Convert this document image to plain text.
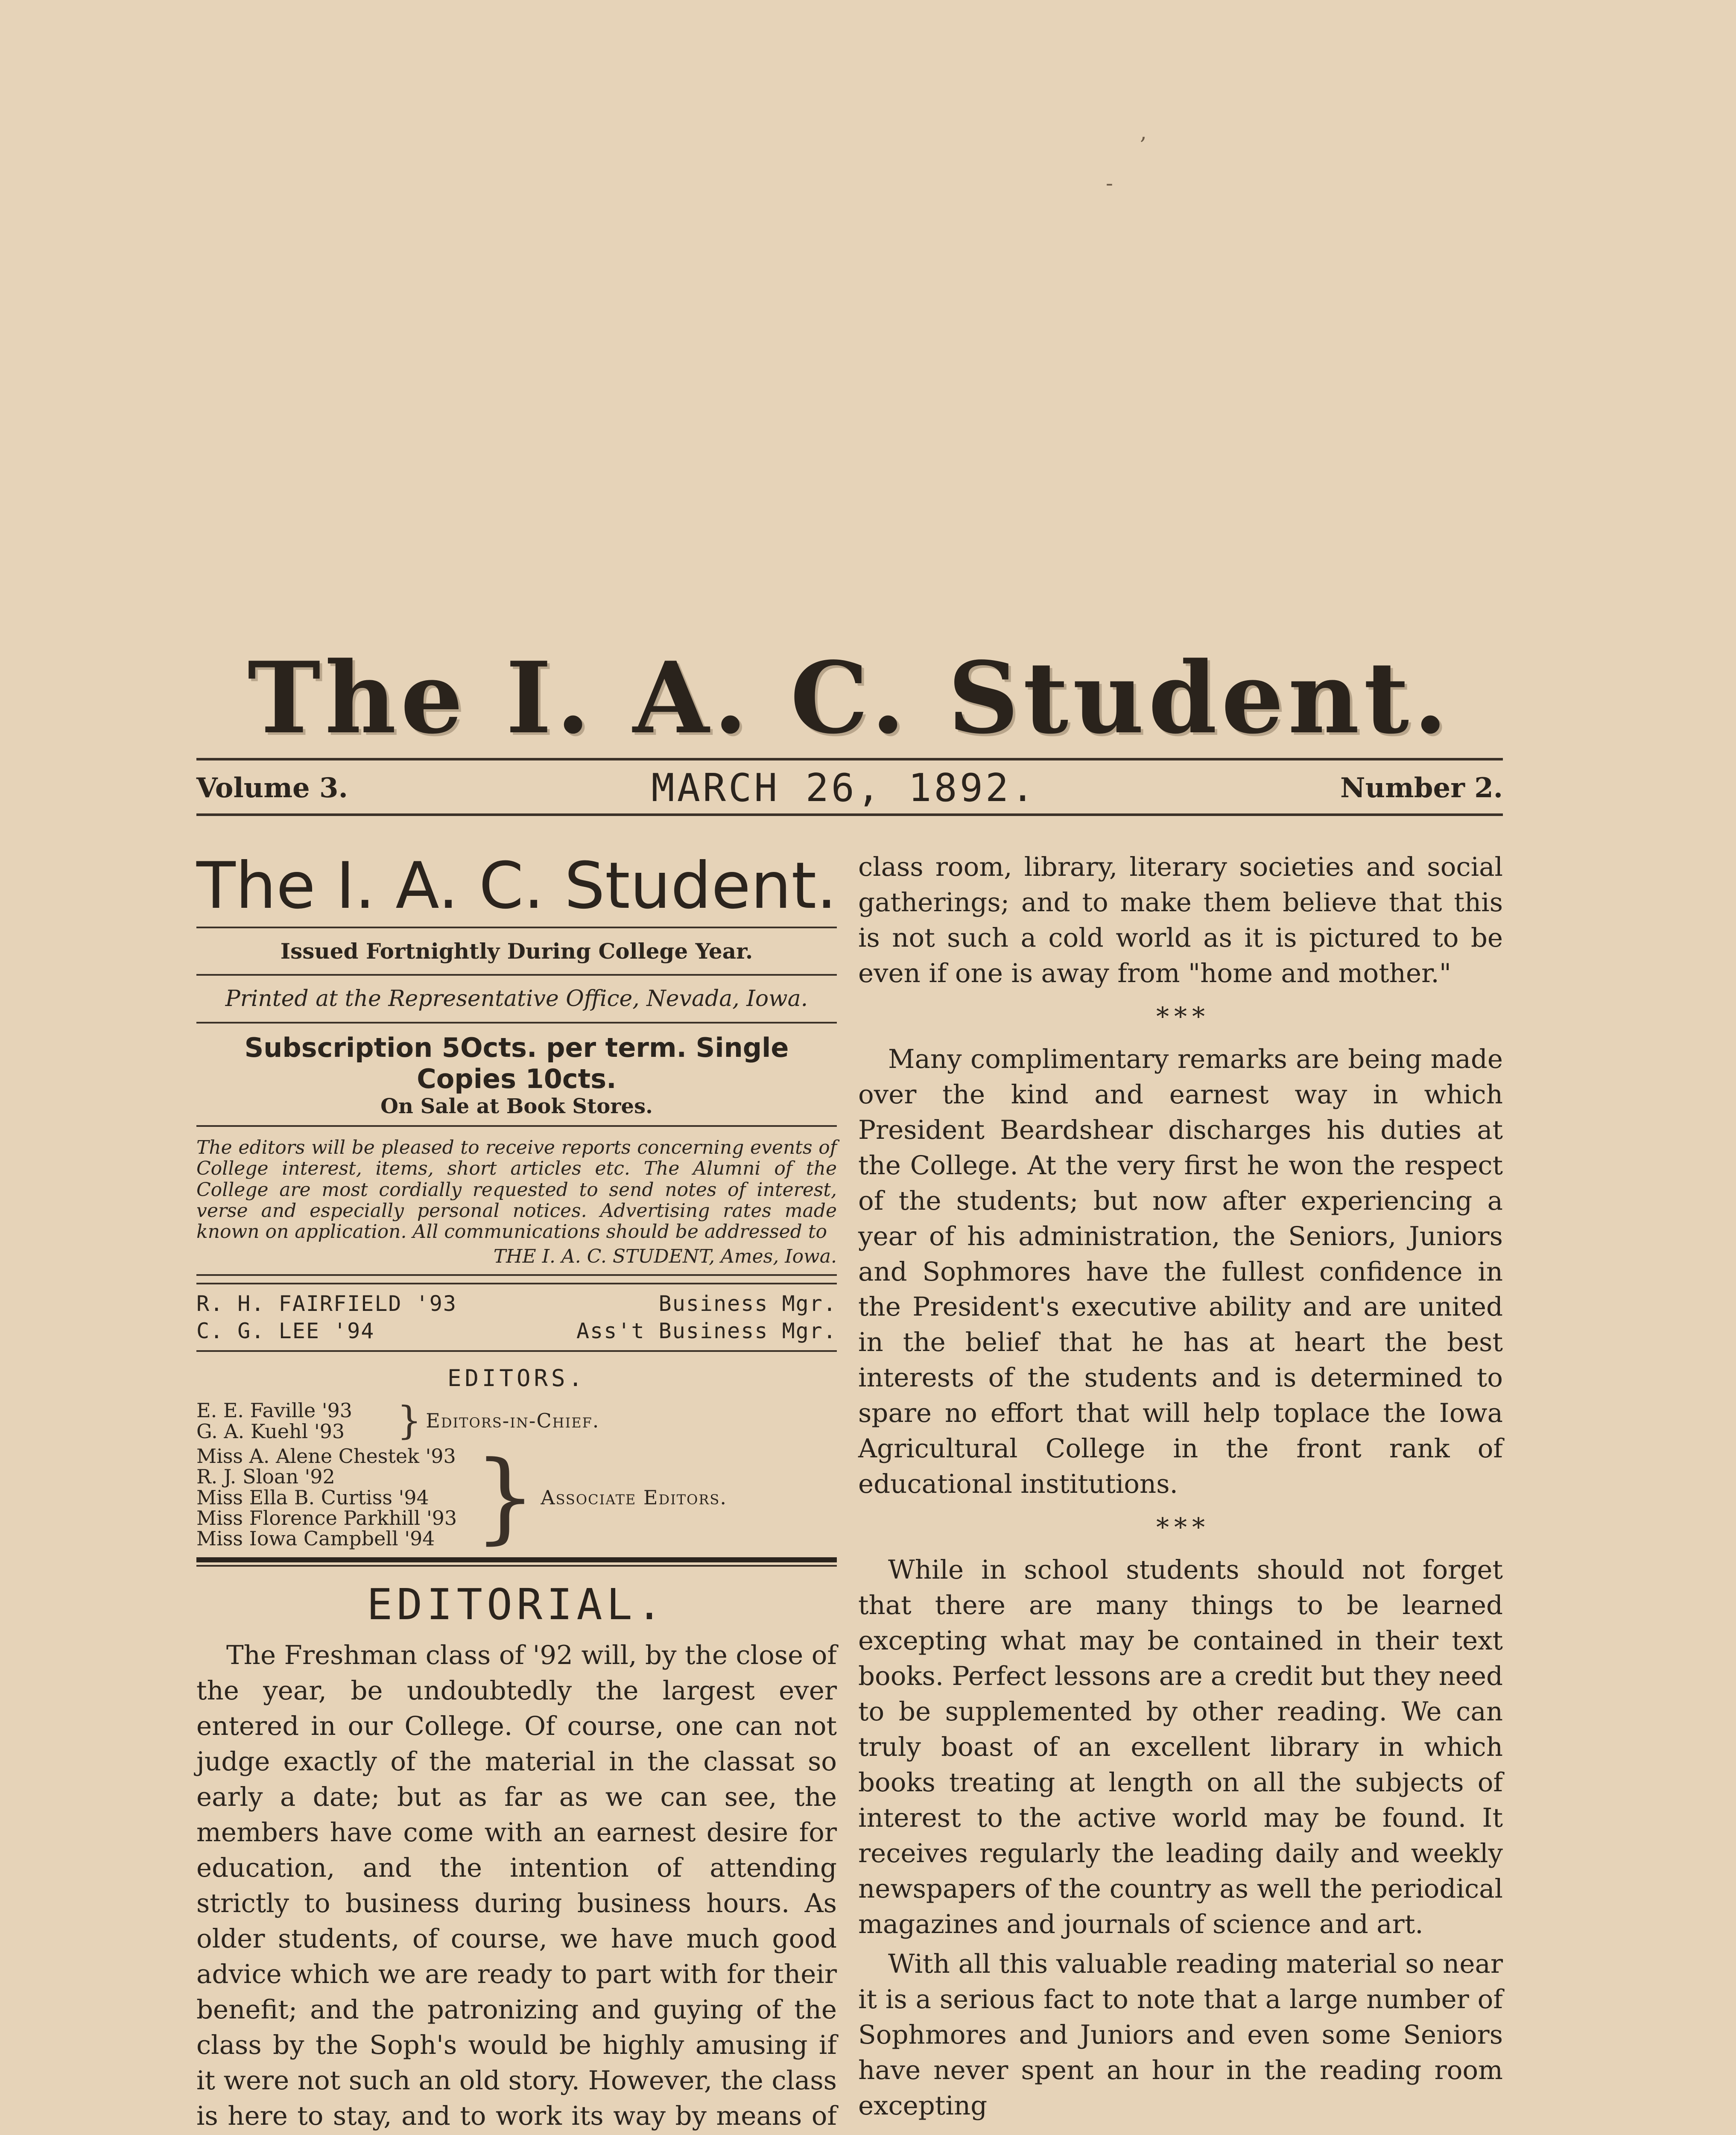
,
-
The I. A. C. Student.
Volume 3.	MARCH 26, 1892.	Number 2.
The I. A. C. Student.
Issued Fortnightly During College Year.
Printed at the Representative Office, Nevada, Iowa.
Subscription 5Octs. per term. Single Copies 10cts.
On Sale at Book Stores.
The editors will be pleased to receive reports concerning events of College interest, items, short articles etc. The Alumni of the College are most cordially requested to send notes of interest, verse and especially personal notices. Advertising rates made known on application. All communications should be addressed to
THE I. A. C. STUDENT, Ames, Iowa.
R. H. FAIRFIELD '93	Business Mgr.
C. G. LEE '94	Ass't Business Mgr.
EDITORS.
E. E. Faville '93
G. A. Kuehl '93	} Editors-in-Chief.
Miss A. Alene Chestek '93
R. J. Sloan '92
Miss Ella B. Curtiss '94
Miss Florence Parkhill '93
Miss Iowa Campbell '94 } Associate Editors.
EDITORIAL.

The Freshman class of '92 will, by the close of the year, be undoubtedly the largest ever entered in our College. Of course, one can not judge exactly of the material in the classat so early a date; but as far as we can see, the members have come with an earnest desire for education, and the intention of attending strictly to business during business hours. As older students, of course, we have much good advice which we are ready to part with for their benefit; and the patronizing and guying of the class by the Soph's would be highly amusing if it were not such an old story. However, the class is here to stay, and to work its way by means of

class room, library, literary societies and social gatherings; and to make them believe that this is not such a cold world as it is pictured to be even if one is away from "home and mother."

* * *

Many complimentary remarks are being made over the kind and earnest way in which President Beardshear discharges his duties at the College. At the very first he won the respect of the students; but now after experiencing a year of his administration, the Seniors, Juniors and Sophmores have the fullest confidence in the President's executive ability and are united in the belief that he has at heart the best interests of the students and is determined to spare no effort that will help toplace the Iowa Agricultural College in the front rank of educational institutions.

* * *

While in school students should not forget that there are many things to be learned excepting what may be contained in their text books. Perfect lessons are a credit but they need to be supplemented by other reading. We can truly boast of an excellent library in which books treating at length on all the subjects of interest to the active world may be found. It receives regularly the leading daily and weekly newspapers of the country as well the periodical magazines and journals of science and art.

With all this valuable reading material so near it is a serious fact to note that a large number of Sophmores and Juniors and even some Seniors have never spent an hour in the reading room excepting
